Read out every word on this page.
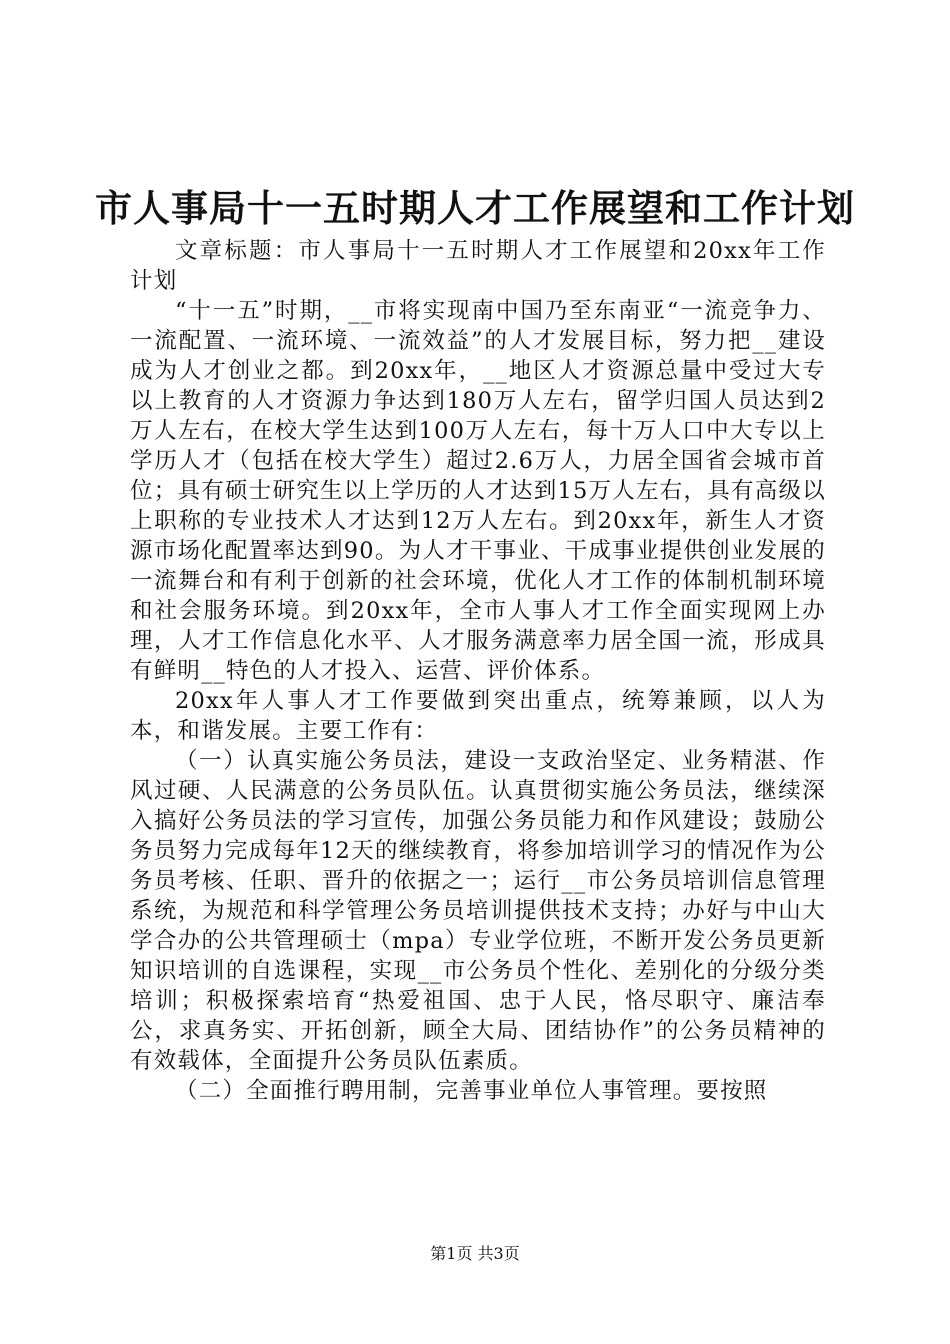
市人事局十一五时期人才工作展望和工作计划

文章标题：市人事局十一五时期人才工作展望和20xx年工作计划

“十一五”时期，__市将实现南中国乃至东南亚“一流竞争力、一流配置、一流环境、一流效益”的人才发展目标，努力把__建设成为人才创业之都。到20xx年，__地区人才资源总量中受过大专以上教育的人才资源力争达到180万人左右，留学归国人员达到2万人左右，在校大学生达到100万人左右，每十万人口中大专以上学历人才（包括在校大学生）超过2.6万人，力居全国省会城市首位；具有硕士研究生以上学历的人才达到15万人左右，具有高级以上职称的专业技术人才达到12万人左右。到20xx年，新生人才资源市场化配置率达到90。为人才干事业、干成事业提供创业发展的一流舞台和有利于创新的社会环境，优化人才工作的体制机制环境和社会服务环境。到20xx年，全市人事人才工作全面实现网上办理，人才工作信息化水平、人才服务满意率力居全国一流，形成具有鲜明__特色的人才投入、运营、评价体系。

20xx年人事人才工作要做到突出重点，统筹兼顾，以人为本，和谐发展。主要工作有：

（一）认真实施公务员法，建设一支政治坚定、业务精湛、作风过硬、人民满意的公务员队伍。认真贯彻实施公务员法，继续深入搞好公务员法的学习宣传，加强公务员能力和作风建设；鼓励公务员努力完成每年12天的继续教育，将参加培训学习的情况作为公务员考核、任职、晋升的依据之一；运行__市公务员培训信息管理系统，为规范和科学管理公务员培训提供技术支持；办好与中山大学合办的公共管理硕士（mpa）专业学位班，不断开发公务员更新知识培训的自选课程，实现__市公务员个性化、差别化的分级分类培训；积极探索培育“热爱祖国、忠于人民，恪尽职守、廉洁奉公，求真务实、开拓创新，顾全大局、团结协作”的公务员精神的有效载体，全面提升公务员队伍素质。

（二）全面推行聘用制，完善事业单位人事管理。要按照

第1页 共3页
